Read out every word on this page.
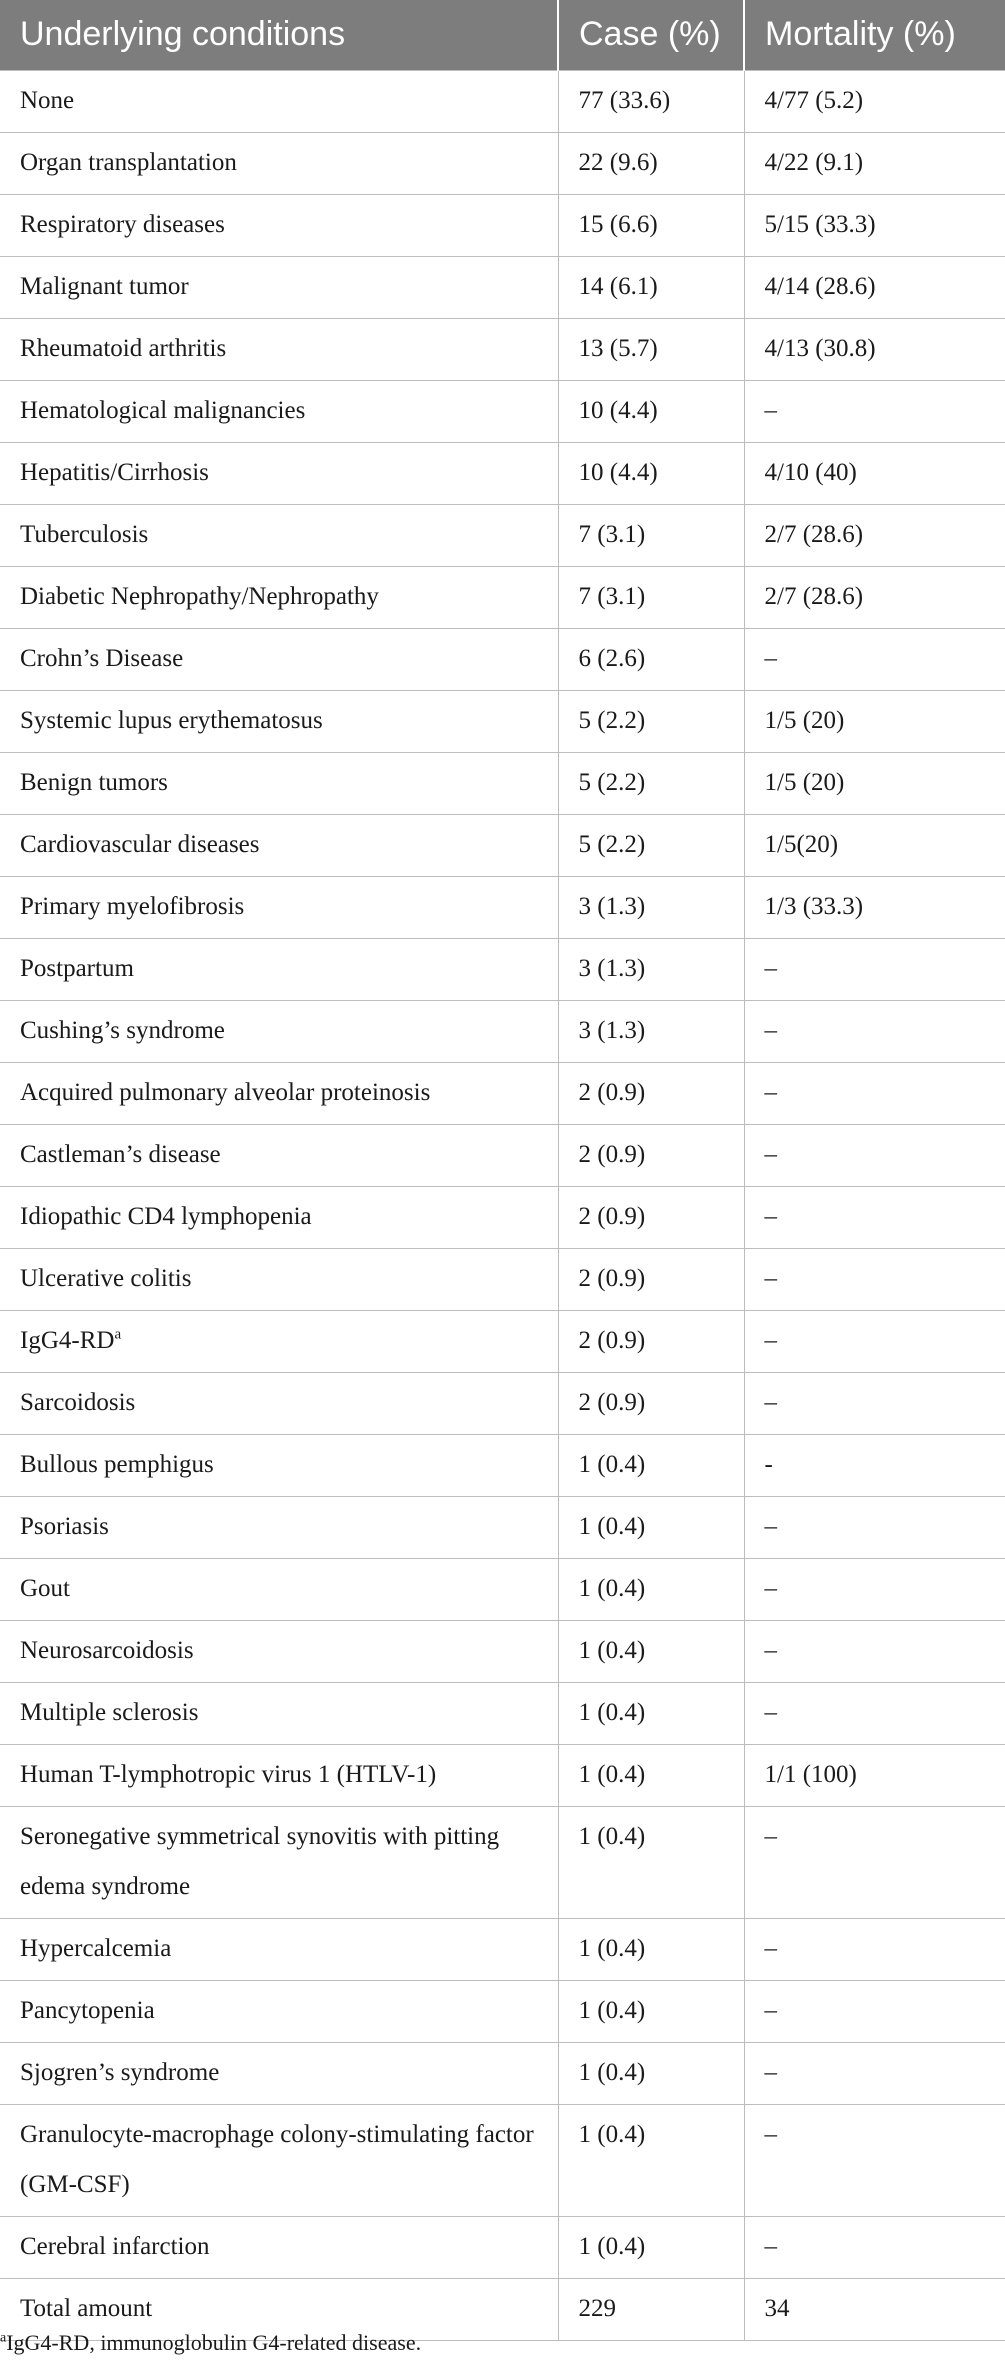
Underlying conditions	Case (%)	Mortality (%)
None	77 (33.6)	4/77 (5.2)
Organ transplantation	22 (9.6)	4/22 (9.1)
Respiratory diseases	15 (6.6)	5/15 (33.3)
Malignant tumor	14 (6.1)	4/14 (28.6)
Rheumatoid arthritis	13 (5.7)	4/13 (30.8)
Hematological malignancies	10 (4.4)	–
Hepatitis/Cirrhosis	10 (4.4)	4/10 (40)
Tuberculosis	7 (3.1)	2/7 (28.6)
Diabetic Nephropathy/Nephropathy	7 (3.1)	2/7 (28.6)
Crohn’s Disease	6 (2.6)	–
Systemic lupus erythematosus	5 (2.2)	1/5 (20)
Benign tumors	5 (2.2)	1/5 (20)
Cardiovascular diseases	5 (2.2)	1/5(20)
Primary myelofibrosis	3 (1.3)	1/3 (33.3)
Postpartum	3 (1.3)	–
Cushing’s syndrome	3 (1.3)	–
Acquired pulmonary alveolar proteinosis	2 (0.9)	–
Castleman’s disease	2 (0.9)	–
Idiopathic CD4 lymphopenia	2 (0.9)	–
Ulcerative colitis	2 (0.9)	–
$IgG4-RD^a$	2 (0.9)	–
Sarcoidosis	2 (0.9)	–
Bullous pemphigus	1 (0.4)	-
Psoriasis	1 (0.4)	–
Gout	1 (0.4)	–
Neurosarcoidosis	1 (0.4)	–
Multiple sclerosis	1 (0.4)	–
Human T-lymphotropic virus 1 (HTLV-1)	1 (0.4)	1/1 (100)
Seronegative symmetrical synovitis with pitting edema syndrome	1 (0.4)	–
Hypercalcemia	1 (0.4)	–
Pancytopenia	1 (0.4)	–
Sjogren’s syndrome	1 (0.4)	–
Granulocyte-macrophage colony-stimulating factor (GM-CSF)	1 (0.4)	–
Cerebral infarction	1 (0.4)	–
Total amount	229	34
$^a$IgG4-RD, immunoglobulin G4-related disease.
